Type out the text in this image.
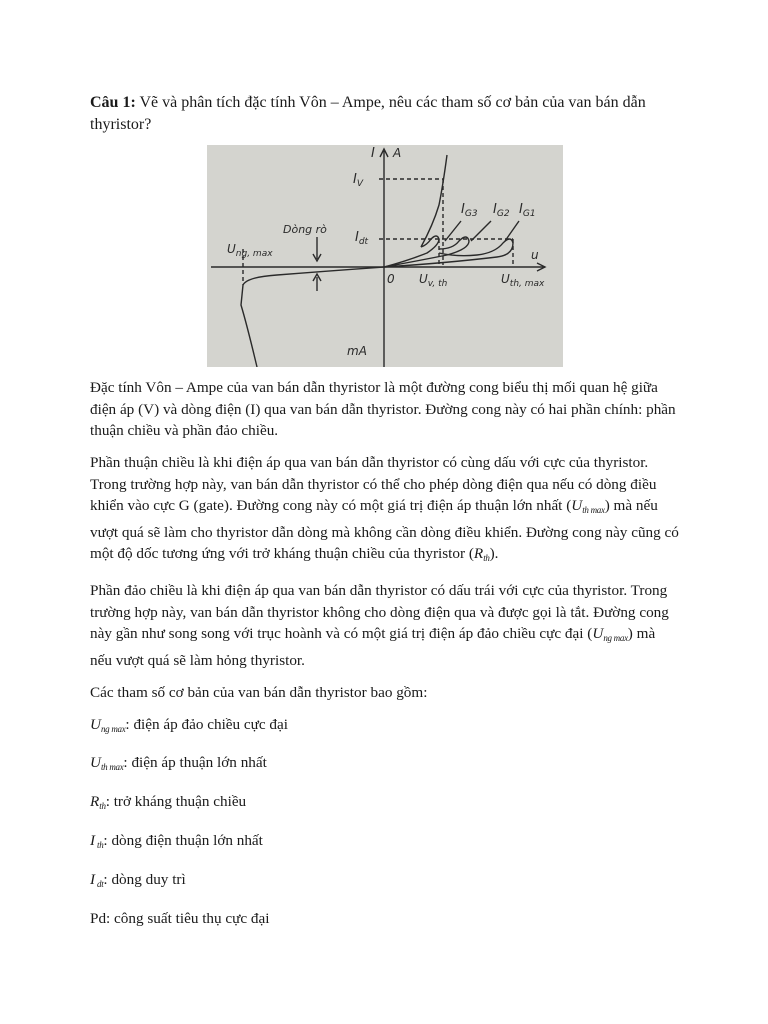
Câu 1: Vẽ và phân tích đặc tính Vôn – Ampe, nêu các tham số cơ bản của van bán dẫn thyristor?

I A
$I_V$
$I_{G3}$ $I_{G2}$ $I_{G1}$
$I_{dt}$
Dòng rò
$U_{ng, max}$
0 $U_{v, th}$	$U_{th, max}$
u
mA

Đặc tính Vôn – Ampe của van bán dẫn thyristor là một đường cong biểu thị mối quan hệ giữa điện áp (V) và dòng điện (I) qua van bán dẫn thyristor. Đường cong này có hai phần chính: phần thuận chiều và phần đảo chiều.

Phần thuận chiều là khi điện áp qua van bán dẫn thyristor có cùng dấu với cực của thyristor. Trong trường hợp này, van bán dẫn thyristor có thể cho phép dòng điện qua nếu có dòng điều khiển vào cực G (gate). Đường cong này có một giá trị điện áp thuận lớn nhất $(U_{th max})$ mà nếu vượt quá sẽ làm cho thyristor dẫn dòng mà không cần dòng điều khiển. Đường cong này cũng có một độ dốc tương ứng với trở kháng thuận chiều của thyristor $(R_{th})$.

Phần đảo chiều là khi điện áp qua van bán dẫn thyristor có dấu trái với cực của thyristor. Trong trường hợp này, van bán dẫn thyristor không cho dòng điện qua và được gọi là tắt. Đường cong này gần như song song với trục hoành và có một giá trị điện áp đảo chiều cực đại $(U_{ng max})$ mà nếu vượt quá sẽ làm hỏng thyristor.

Các tham số cơ bản của van bán dẫn thyristor bao gồm:

$U_{ng max}$: điện áp đảo chiều cực đại

$U_{th max}$: điện áp thuận lớn nhất

$R_{th}$: trở kháng thuận chiều

I $_{th}$: dòng điện thuận lớn nhất

I $_{dt}$: dòng duy trì

Pd: công suất tiêu thụ cực đại
